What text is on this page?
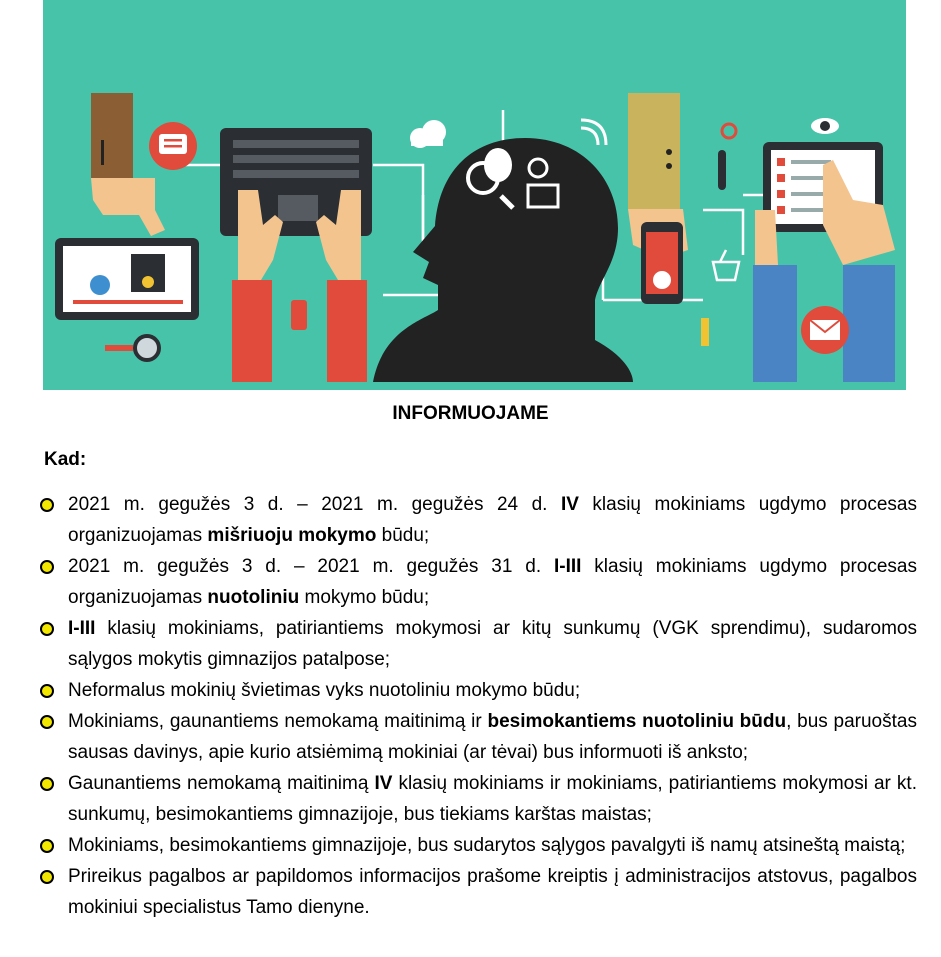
INFORMUOJAME
Kad:
2021 m. gegužės 3 d. – 2021 m. gegužės 24 d. IV klasių mokiniams ugdymo procesas organizuojamas mišriuoju mokymo būdu;
2021 m. gegužės 3 d. – 2021 m. gegužės 31 d. I-III klasių mokiniams ugdymo procesas organizuojamas nuotoliniu mokymo būdu;
I-III klasių mokiniams, patiriantiems mokymosi ar kitų sunkumų (VGK sprendimu), sudaromos sąlygos mokytis gimnazijos patalpose;
Neformalus mokinių švietimas vyks nuotoliniu mokymo būdu;
Mokiniams, gaunantiems nemokamą maitinimą ir besimokantiems nuotoliniu būdu, bus paruoštas sausas davinys, apie kurio atsiėmimą mokiniai (ar tėvai) bus informuoti iš anksto;
Gaunantiems nemokamą maitinimą IV klasių mokiniams ir mokiniams, patiriantiems mokymosi ar kt. sunkumų, besimokantiems gimnazijoje, bus tiekiams karštas maistas;
Mokiniams, besimokantiems gimnazijoje, bus sudarytos sąlygos pavalgyti iš namų atsineštą maistą;
Prireikus pagalbos ar papildomos informacijos prašome kreiptis į administracijos atstovus, pagalbos mokiniui specialistus Tamo dienyne.
